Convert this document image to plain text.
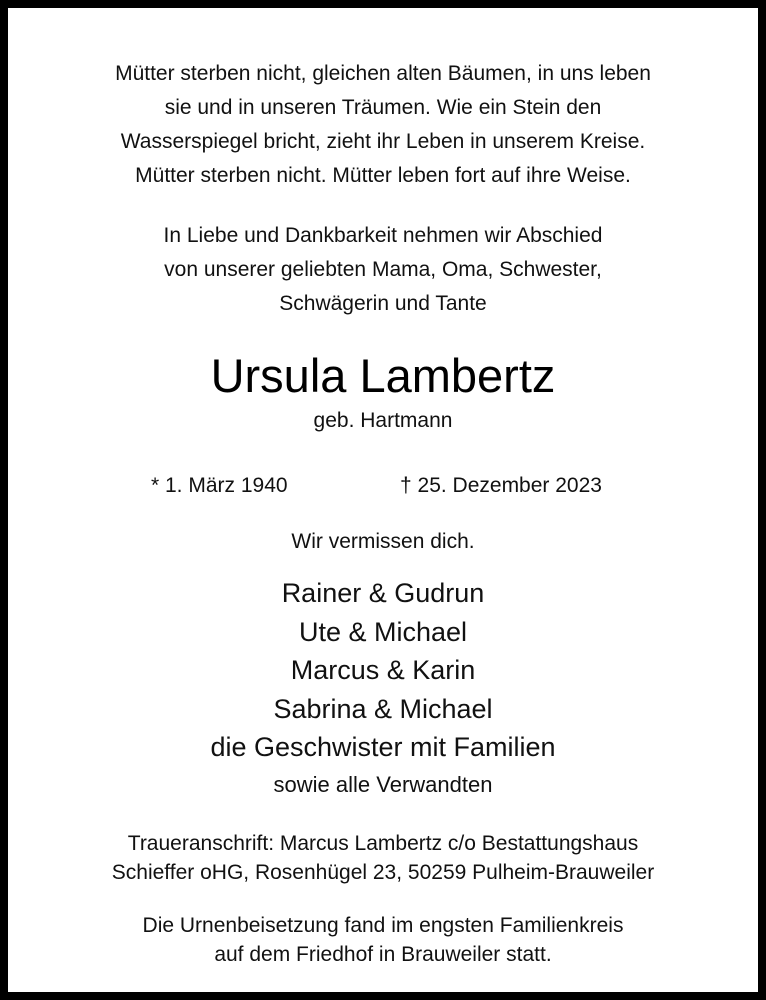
Mütter sterben nicht, gleichen alten Bäumen, in uns leben
sie und in unseren Träumen. Wie ein Stein den
Wasserspiegel bricht, zieht ihr Leben in unserem Kreise.
Mütter sterben nicht. Mütter leben fort auf ihre Weise.
In Liebe und Dankbarkeit nehmen wir Abschied
von unserer geliebten Mama, Oma, Schwester,
Schwägerin und Tante
Ursula Lambertz
geb. Hartmann
* 1. März 1940	† 25. Dezember 2023
Wir vermissen dich.
Rainer & Gudrun
Ute & Michael
Marcus & Karin
Sabrina & Michael
die Geschwister mit Familien
sowie alle Verwandten
Traueranschrift: Marcus Lambertz c/o Bestattungshaus
Schieffer oHG, Rosenhügel 23, 50259 Pulheim-Brauweiler
Die Urnenbeisetzung fand im engsten Familienkreis
auf dem Friedhof in Brauweiler statt.
